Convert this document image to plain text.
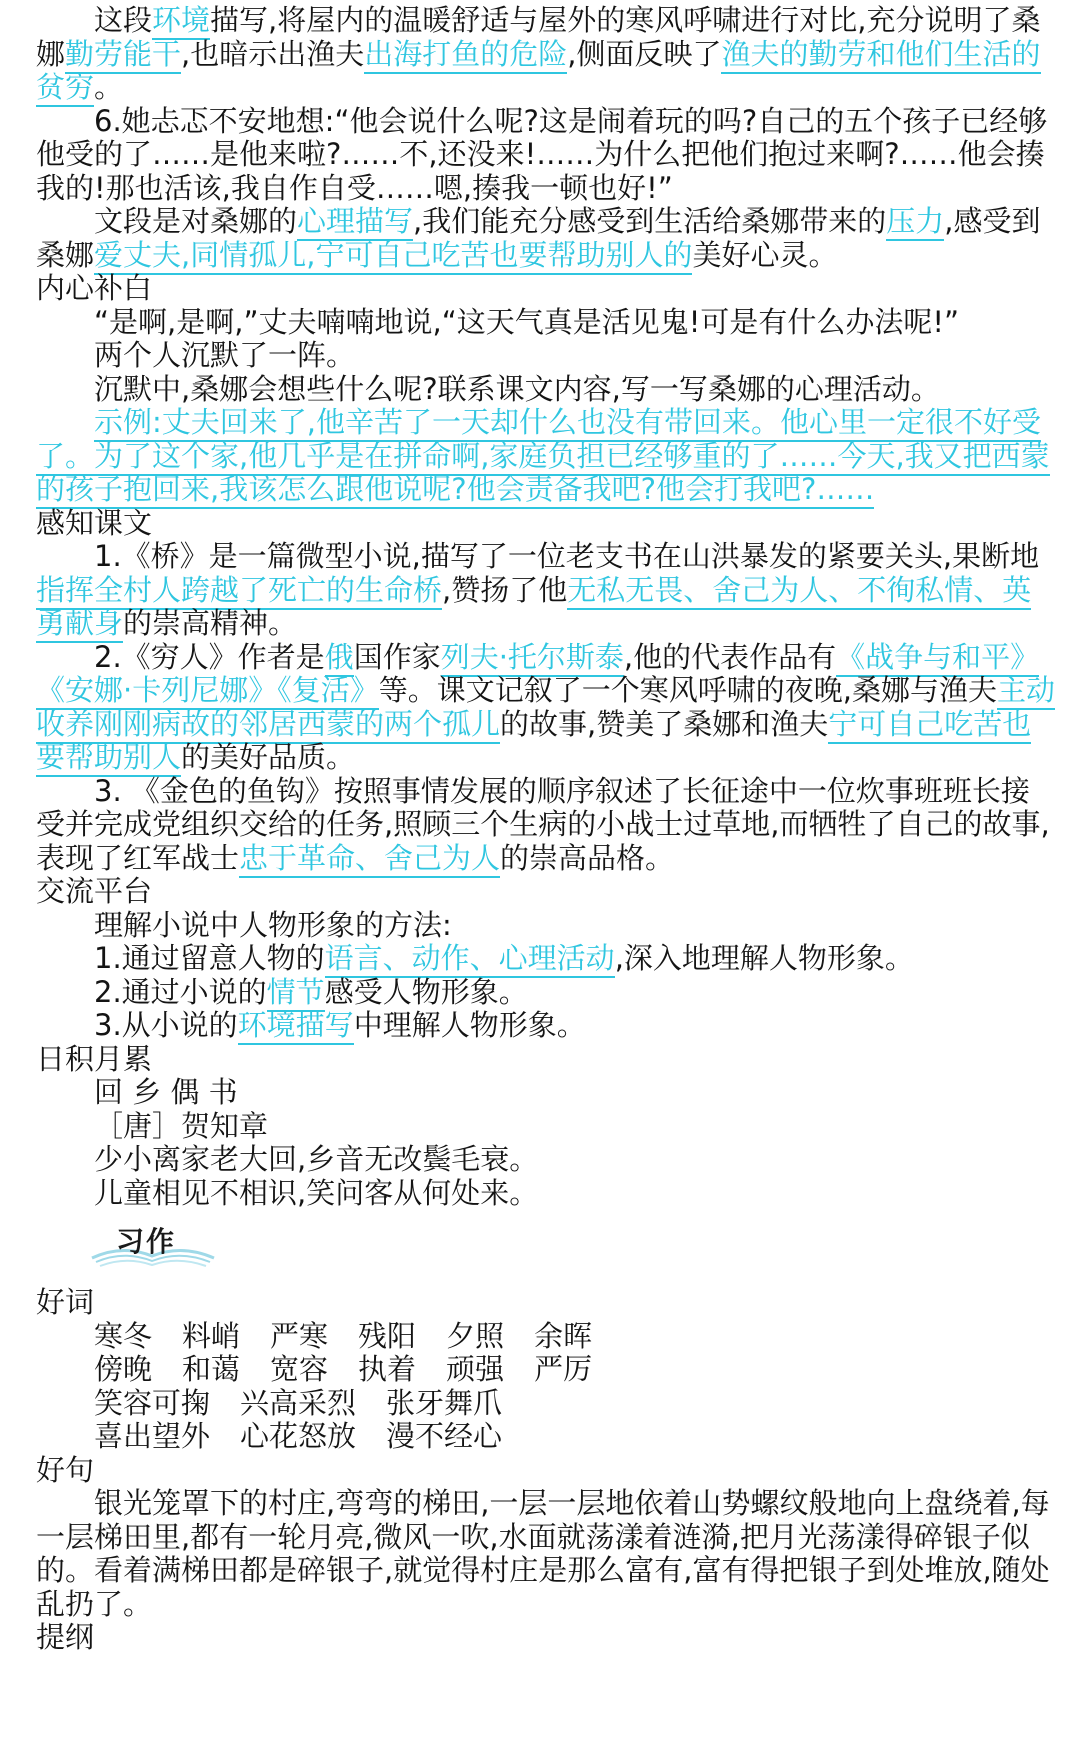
这段环境描写,将屋内的温暖舒适与屋外的寒风呼啸进行对比,充分说明了桑娜勤劳能干,也暗示出渔夫出海打鱼的危险,侧面反映了渔夫的勤劳和他们生活的贫穷。

6.她忐忑不安地想:“他会说什么呢?这是闹着玩的吗?自己的五个孩子已经够他受的了……是他来啦?……不,还没来!……为什么把他们抱过来啊?……他会揍我的!那也活该,我自作自受……嗯,揍我一顿也好!”

文段是对桑娜的心理描写,我们能充分感受到生活给桑娜带来的压力,感受到桑娜爱丈夫,同情孤儿,宁可自己吃苦也要帮助别人的美好心灵。

内心补白

“是啊,是啊,”丈夫喃喃地说,“这天气真是活见鬼!可是有什么办法呢!”

两个人沉默了一阵。

沉默中,桑娜会想些什么呢?联系课文内容,写一写桑娜的心理活动。

示例:丈夫回来了,他辛苦了一天却什么也没有带回来。他心里一定很不好受了。为了这个家,他几乎是在拼命啊,家庭负担已经够重的了……今天,我又把西蒙的孩子抱回来,我该怎么跟他说呢?他会责备我吧?他会打我吧?……

感知课文

1.《桥》是一篇微型小说,描写了一位老支书在山洪暴发的紧要关头,果断地指挥全村人跨越了死亡的生命桥,赞扬了他无私无畏、舍己为人、不徇私情、英勇献身的崇高精神。

2.《穷人》作者是俄国作家列夫·托尔斯泰,他的代表作品有《战争与和平》《安娜·卡列尼娜》《复活》等。课文记叙了一个寒风呼啸的夜晚,桑娜与渔夫主动收养刚刚病故的邻居西蒙的两个孤儿的故事,赞美了桑娜和渔夫宁可自己吃苦也要帮助别人的美好品质。

3. 《金色的鱼钩》按照事情发展的顺序叙述了长征途中一位炊事班班长接受并完成党组织交给的任务,照顾三个生病的小战士过草地,而牺牲了自己的故事,表现了红军战士忠于革命、舍己为人的崇高品格。

交流平台

理解小说中人物形象的方法:

1.通过留意人物的语言、动作、心理活动,深入地理解人物形象。

2.通过小说的情节感受人物形象。

3.从小说的环境描写中理解人物形象。

日积月累

回 乡 偶 书

［唐］贺知章

少小离家老大回,乡音无改鬓毛衰。

儿童相见不相识,笑问客从何处来。

习作

好词

寒冬 料峭 严寒 残阳 夕照 余晖
傍晚 和蔼 宽容 执着 顽强 严厉
笑容可掬 兴高采烈 张牙舞爪
喜出望外 心花怒放 漫不经心

好句

银光笼罩下的村庄,弯弯的梯田,一层一层地依着山势螺纹般地向上盘绕着,每一层梯田里,都有一轮月亮,微风一吹,水面就荡漾着涟漪,把月光荡漾得碎银子似的。看着满梯田都是碎银子,就觉得村庄是那么富有,富有得把银子到处堆放,随处乱扔了。

提纲
